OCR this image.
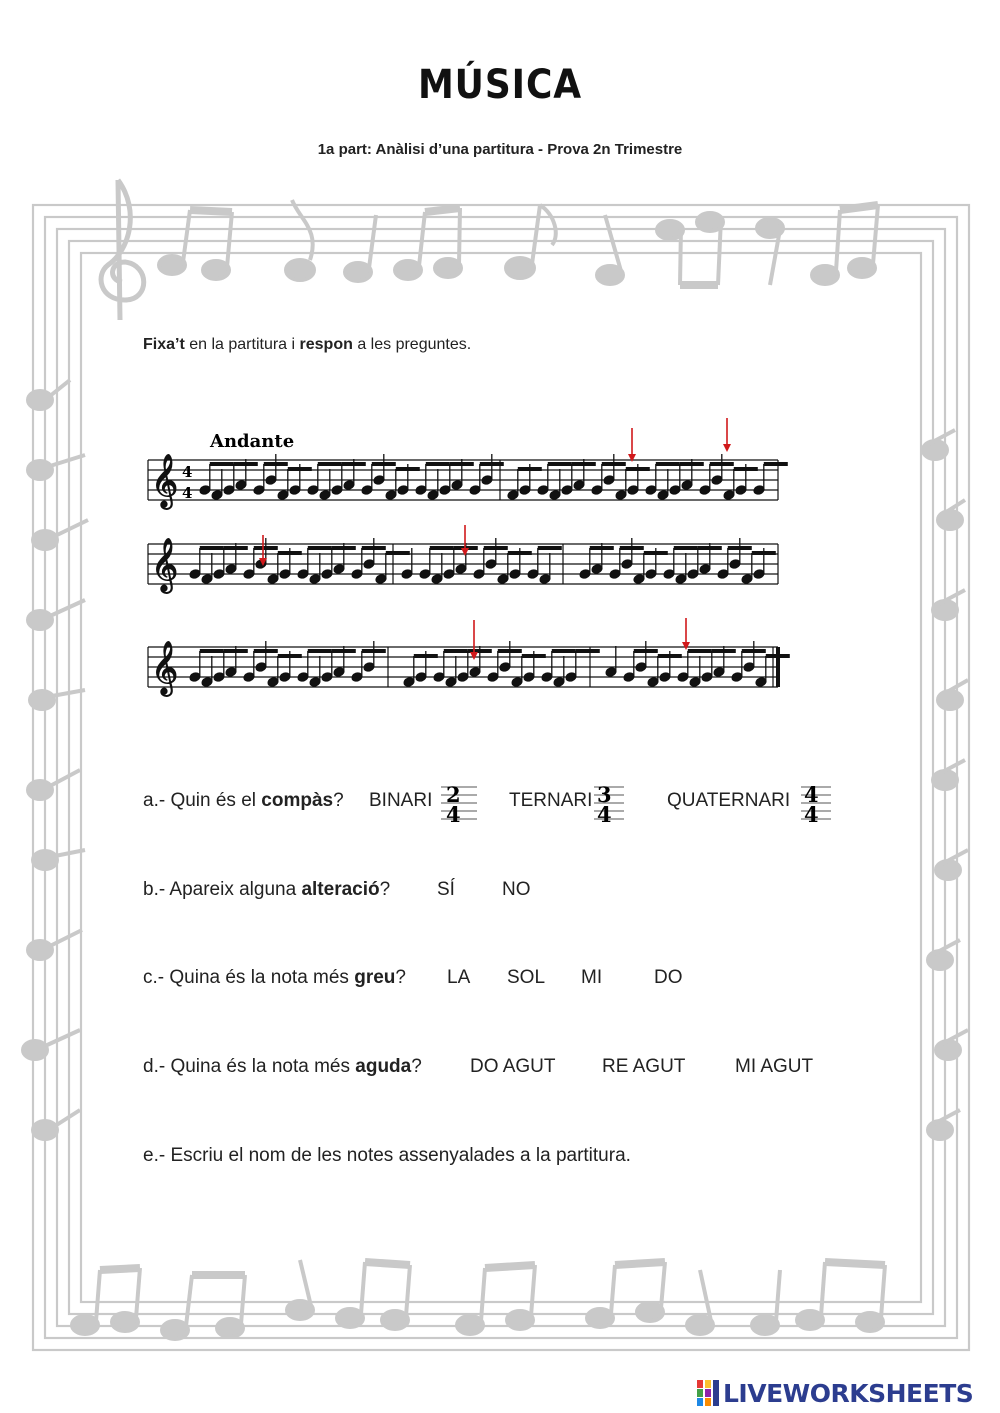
MÚSICA
1a part: Anàlisi d’una partitura - Prova 2n Trimestre
Fixa’t en la partitura i respon a les preguntes.
Andante
𝄞
𝄞
𝄞
4
4
a.- Quin és el compàs? BINARI 2
4
TERNARI 3
4
QUATERNARI 4
4
b.- Apareix alguna alteració? SÍ NO
c.- Quina és la nota més greu? LA SOL MI	DO
d.- Quina és la nota més aguda?	DO AGUT RE AGUT	MI AGUT
e.- Escriu el nom de les notes assenyalades a la partitura.
LIVEWORKSHEETS
